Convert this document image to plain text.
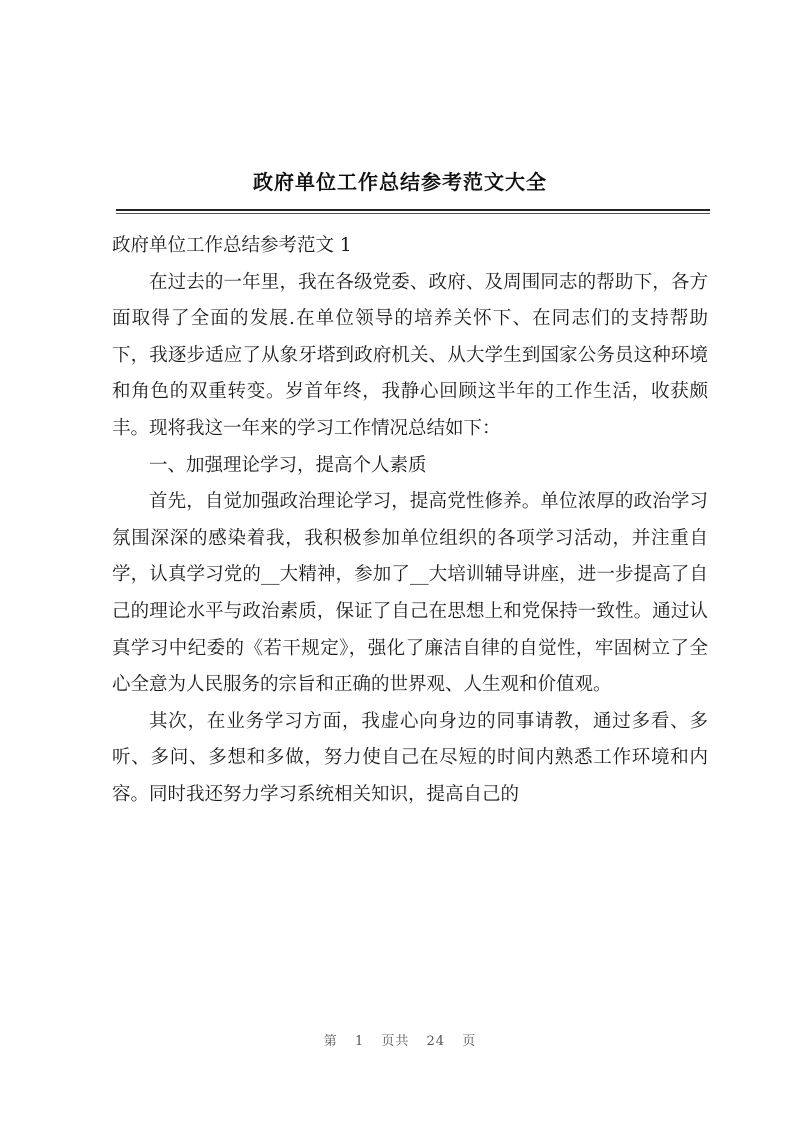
政府单位工作总结参考范文大全

政府单位工作总结参考范文 1

在过去的一年里，我在各级党委、政府、及周围同志的帮助下，各方面取得了全面的发展.在单位领导的培养关怀下、在同志们的支持帮助下，我逐步适应了从象牙塔到政府机关、从大学生到国家公务员这种环境和角色的双重转变。岁首年终，我静心回顾这半年的工作生活，收获颇丰。现将我这一年来的学习工作情况总结如下：

一、加强理论学习，提高个人素质

首先，自觉加强政治理论学习，提高党性修养。单位浓厚的政治学习氛围深深的感染着我，我积极参加单位组织的各项学习活动，并注重自学，认真学习党的__大精神，参加了__大培训辅导讲座，进一步提高了自己的理论水平与政治素质，保证了自己在思想上和党保持一致性。通过认真学习中纪委的《若干规定》，强化了廉洁自律的自觉性，牢固树立了全心全意为人民服务的宗旨和正确的世界观、人生观和价值观。

其次，在业务学习方面，我虚心向身边的同事请教，通过多看、多听、多问、多想和多做，努力使自己在尽短的时间内熟悉工作环境和内容。同时我还努力学习系统相关知识，提高自己的

第 1 页共 24 页
